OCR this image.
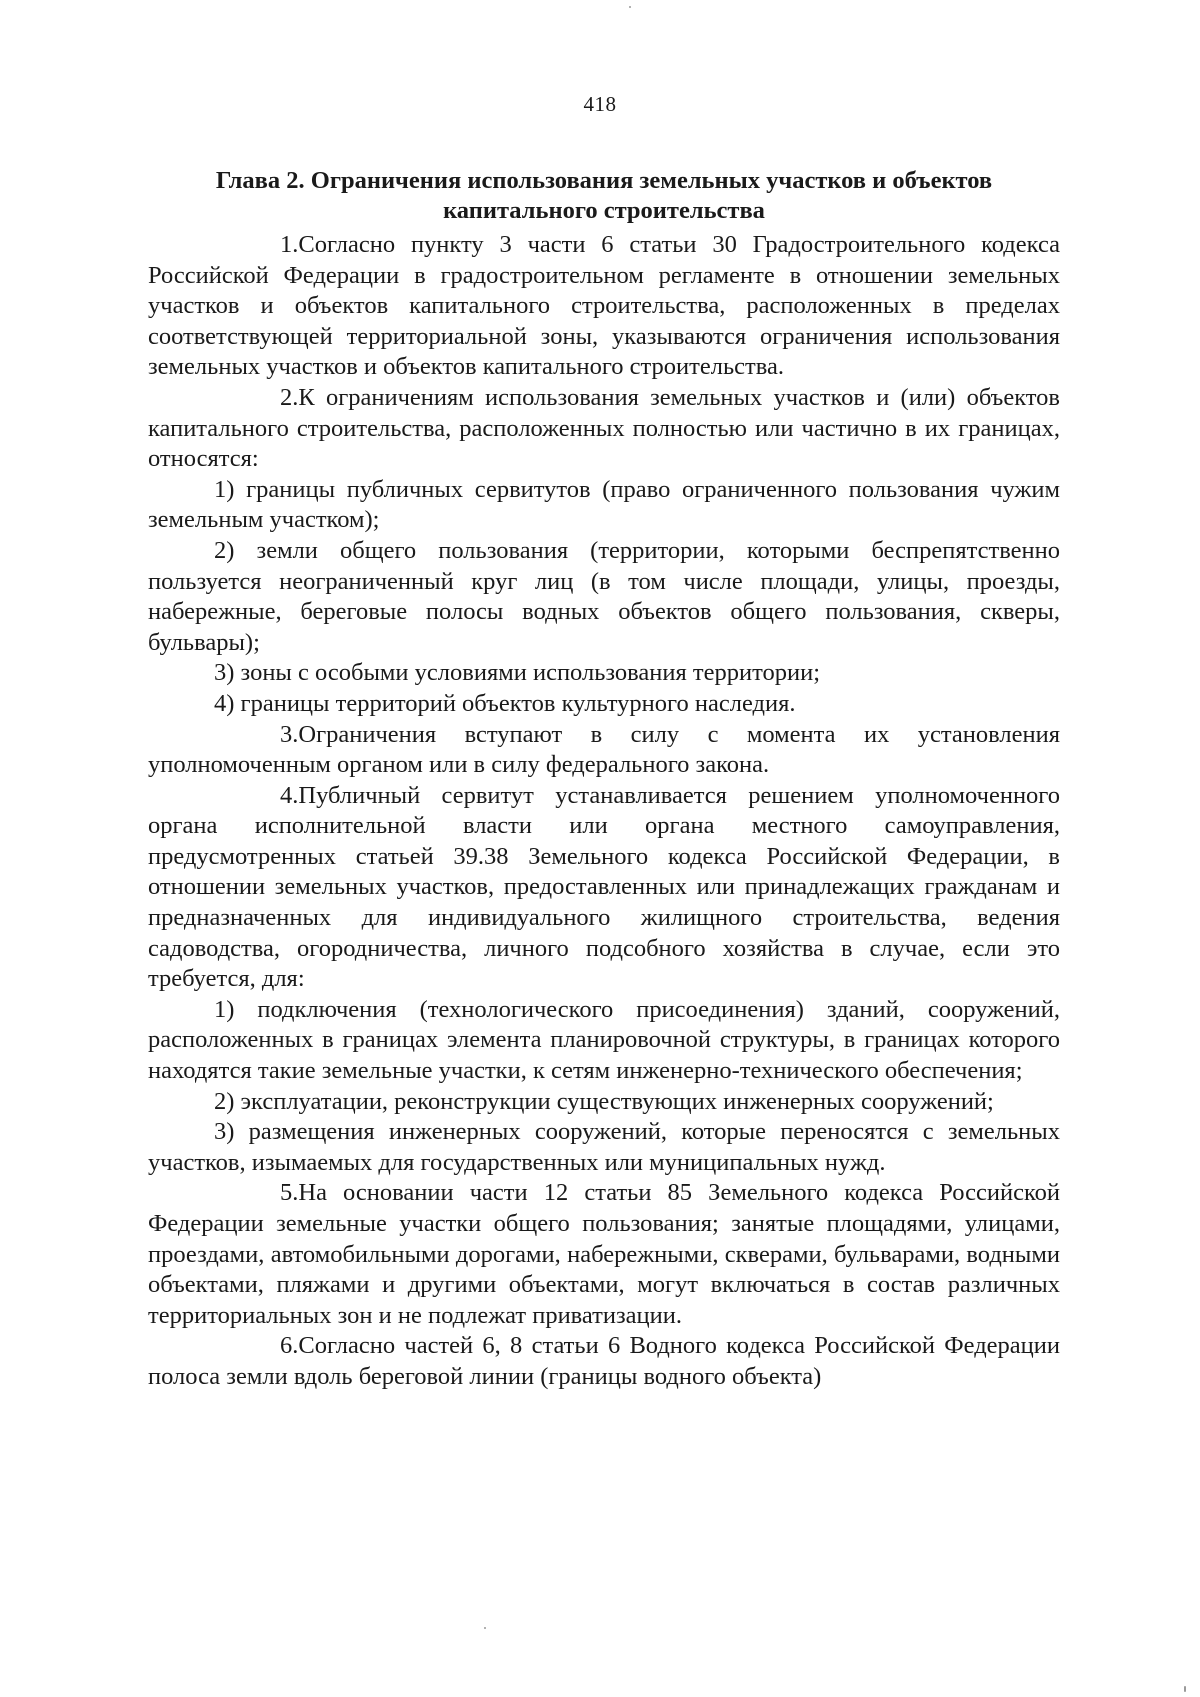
418
Глава 2. Ограничения использования земельных участков и объектов капитального строительства

1.Согласно пункту 3 части 6 статьи 30 Градостроительного кодекса Российской Федерации в градостроительном регламенте в отношении земельных участков и объектов капитального строительства, расположенных в пределах соответствующей территориальной зоны, указываются ограничения использования земельных участков и объектов капитального строительства.

2.К ограничениям использования земельных участков и (или) объектов капитального строительства, расположенных полностью или частично в их границах, относятся:

1) границы публичных сервитутов (право ограниченного пользования чужим земельным участком);

2) земли общего пользования (территории, которыми беспрепятственно пользуется неограниченный круг лиц (в том числе площади, улицы, проезды, набережные, береговые полосы водных объектов общего пользования, скверы, бульвары);

3) зоны с особыми условиями использования территории;

4) границы территорий объектов культурного наследия.

3.Ограничения вступают в силу с момента их установления уполномоченным органом или в силу федерального закона.

4.Публичный сервитут устанавливается решением уполномоченного органа исполнительной власти или органа местного самоуправления, предусмотренных статьей 39.38 Земельного кодекса Российской Федерации, в отношении земельных участков, предоставленных или принадлежащих гражданам и предназначенных для индивидуального жилищного строительства, ведения садоводства, огородничества, личного подсобного хозяйства в случае, если это требуется, для:

1) подключения (технологического присоединения) зданий, сооружений, расположенных в границах элемента планировочной структуры, в границах которого находятся такие земельные участки, к сетям инженерно-технического обеспечения;

2) эксплуатации, реконструкции существующих инженерных сооружений;

3) размещения инженерных сооружений, которые переносятся с земельных участков, изымаемых для государственных или муниципальных нужд.

5.На основании части 12 статьи 85 Земельного кодекса Российской Федерации земельные участки общего пользования; занятые площадями, улицами, проездами, автомобильными дорогами, набережными, скверами, бульварами, водными объектами, пляжами и другими объектами, могут включаться в состав различных территориальных зон и не подлежат приватизации.

6.Согласно частей 6, 8 статьи 6 Водного кодекса Российской Федерации полоса земли вдоль береговой линии (границы водного объекта)
